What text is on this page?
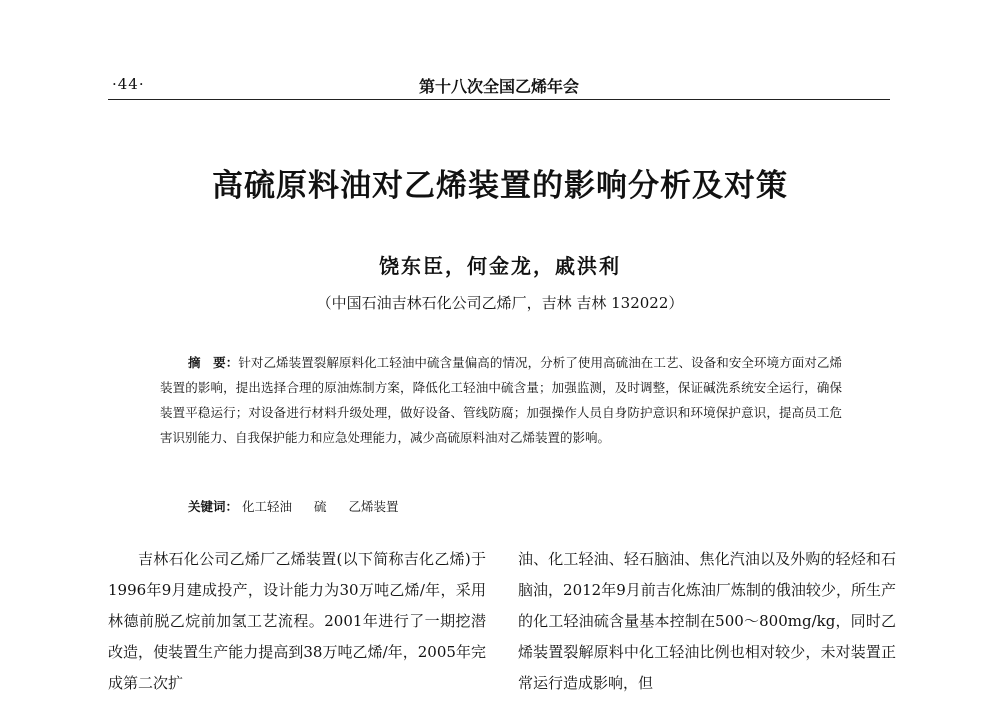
·44·	第十八次全国乙烯年会
高硫原料油对乙烯装置的影响分析及对策
饶东臣，何金龙，戚洪利
（中国石油吉林石化公司乙烯厂，吉林 吉林 132022）
摘　要：针对乙烯装置裂解原料化工轻油中硫含量偏高的情况，分析了使用高硫油在工艺、设备和安全环境方面对乙烯装置的影响，提出选择合理的原油炼制方案，降低化工轻油中硫含量；加强监测，及时调整，保证碱洗系统安全运行，确保装置平稳运行；对设备进行材料升级处理，做好设备、管线防腐；加强操作人员自身防护意识和环境保护意识，提高员工危害识别能力、自我保护能力和应急处理能力，减少高硫原料油对乙烯装置的影响。
关键词： 化工轻油 硫 乙烯装置
吉林石化公司乙烯厂乙烯装置(以下简称吉化乙烯)于1996年9月建成投产，设计能力为30万吨乙烯/年，采用林德前脱乙烷前加氢工艺流程。2001年进行了一期挖潜改造，使装置生产能力提高到38万吨乙烯/年，2005年完成第二次扩
油、化工轻油、轻石脑油、焦化汽油以及外购的轻烃和石脑油，2012年9月前吉化炼油厂炼制的俄油较少，所生产的化工轻油硫含量基本控制在500～800mg/kg，同时乙烯装置裂解原料中化工轻油比例也相对较少，未对装置正常运行造成影响，但
